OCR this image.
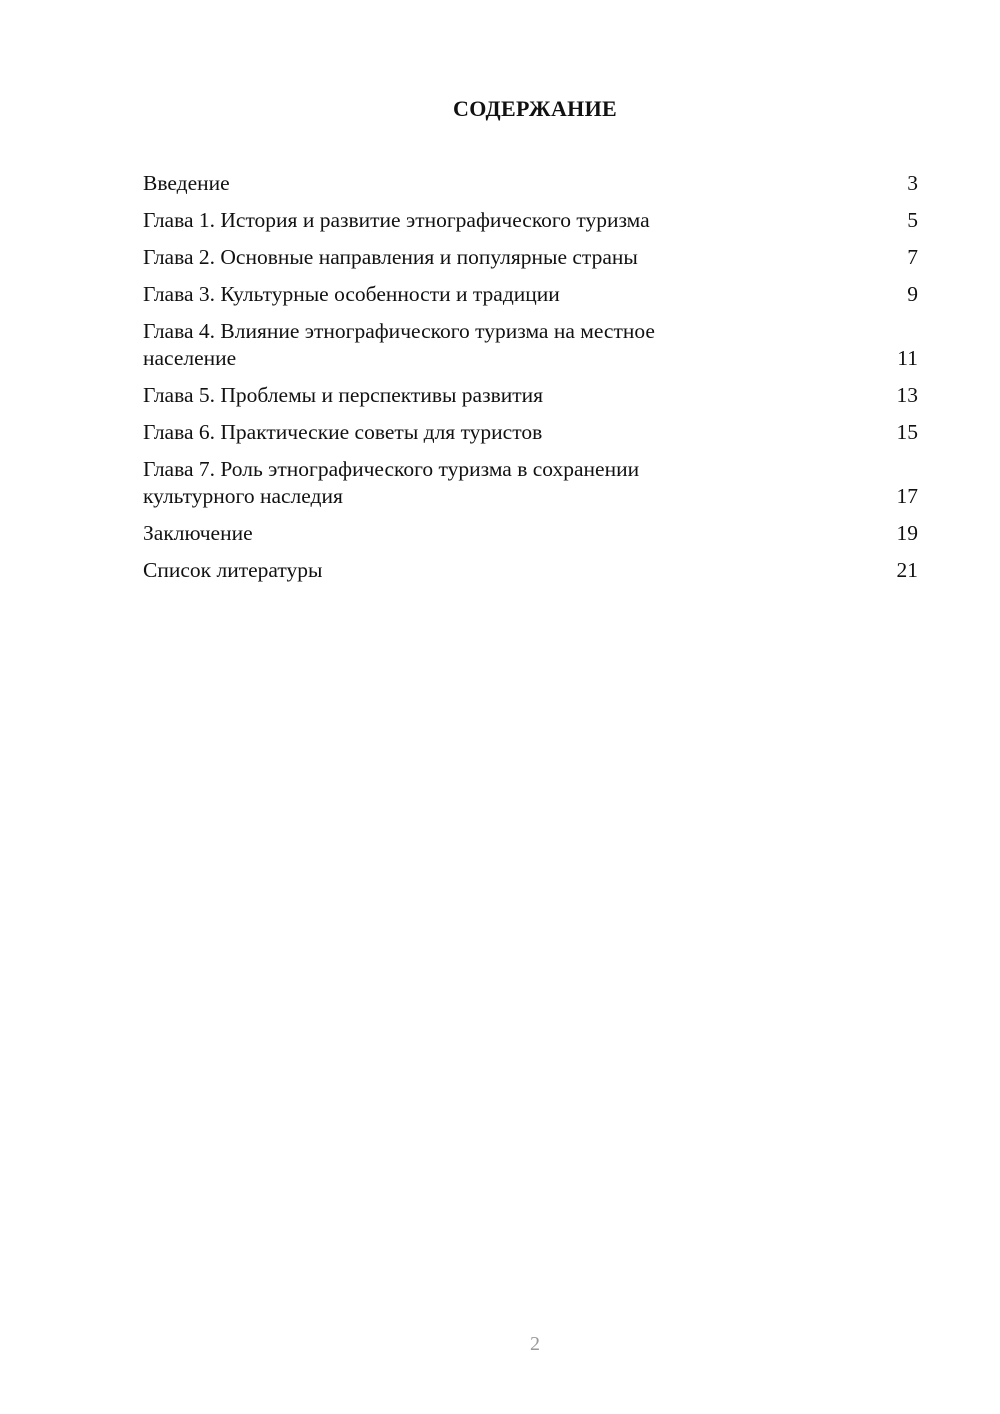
СОДЕРЖАНИЕ
Введение	3
Глава 1. История и развитие этнографического туризма	5
Глава 2. Основные направления и популярные страны	7
Глава 3. Культурные особенности и традиции	9
Глава 4. Влияние этнографического туризма на местное население	11
Глава 5. Проблемы и перспективы развития	13
Глава 6. Практические советы для туристов	15
Глава 7. Роль этнографического туризма в сохранении культурного наследия	17
Заключение	19
Список литературы	21
2
